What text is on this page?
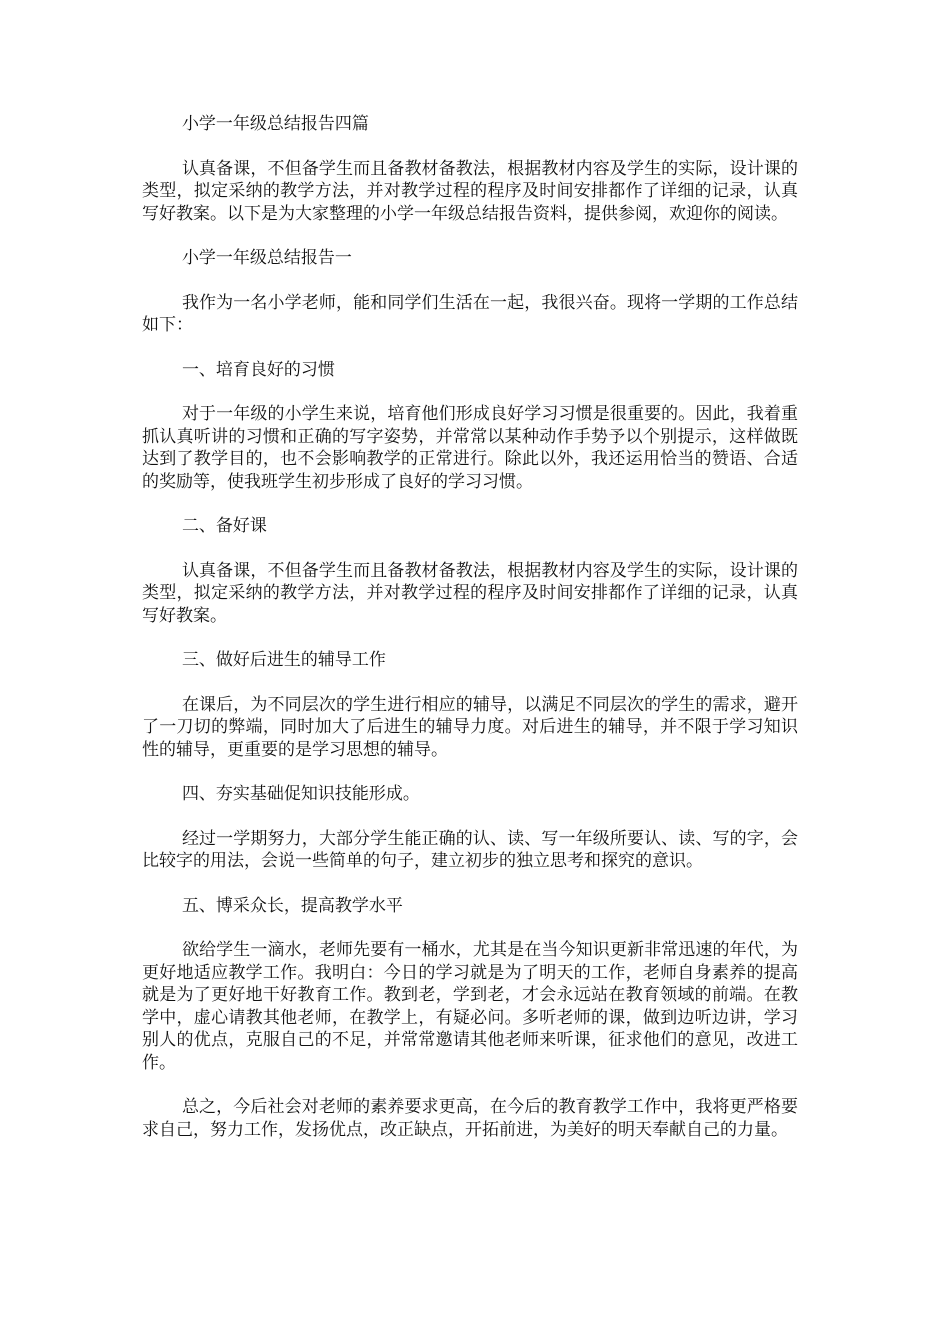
小学一年级总结报告四篇

认真备课，不但备学生而且备教材备教法，根据教材内容及学生的实际，设计课的类型，拟定采纳的教学方法，并对教学过程的程序及时间安排都作了详细的记录，认真写好教案。以下是为大家整理的小学一年级总结报告资料，提供参阅，欢迎你的阅读。

小学一年级总结报告一

我作为一名小学老师，能和同学们生活在一起，我很兴奋。现将一学期的工作总结如下：

一、培育良好的习惯

对于一年级的小学生来说，培育他们形成良好学习习惯是很重要的。因此，我着重抓认真听讲的习惯和正确的写字姿势，并常常以某种动作手势予以个别提示，这样做既达到了教学目的，也不会影响教学的正常进行。除此以外，我还运用恰当的赞语、合适的奖励等，使我班学生初步形成了良好的学习习惯。

二、备好课

认真备课，不但备学生而且备教材备教法，根据教材内容及学生的实际，设计课的类型，拟定采纳的教学方法，并对教学过程的程序及时间安排都作了详细的记录，认真写好教案。

三、做好后进生的辅导工作

在课后，为不同层次的学生进行相应的辅导，以满足不同层次的学生的需求，避开了一刀切的弊端，同时加大了后进生的辅导力度。对后进生的辅导，并不限于学习知识性的辅导，更重要的是学习思想的辅导。

四、夯实基础促知识技能形成。

经过一学期努力，大部分学生能正确的认、读、写一年级所要认、读、写的字，会比较字的用法，会说一些简单的句子，建立初步的独立思考和探究的意识。

五、博采众长，提高教学水平

欲给学生一滴水，老师先要有一桶水，尤其是在当今知识更新非常迅速的年代，为更好地适应教学工作。我明白：今日的学习就是为了明天的工作，老师自身素养的提高就是为了更好地干好教育工作。教到老，学到老，才会永远站在教育领域的前端。在教学中，虚心请教其他老师，在教学上，有疑必问。多听老师的课，做到边听边讲，学习别人的优点，克服自己的不足，并常常邀请其他老师来听课，征求他们的意见，改进工作。

总之，今后社会对老师的素养要求更高，在今后的教育教学工作中，我将更严格要求自己，努力工作，发扬优点，改正缺点，开拓前进，为美好的明天奉献自己的力量。
